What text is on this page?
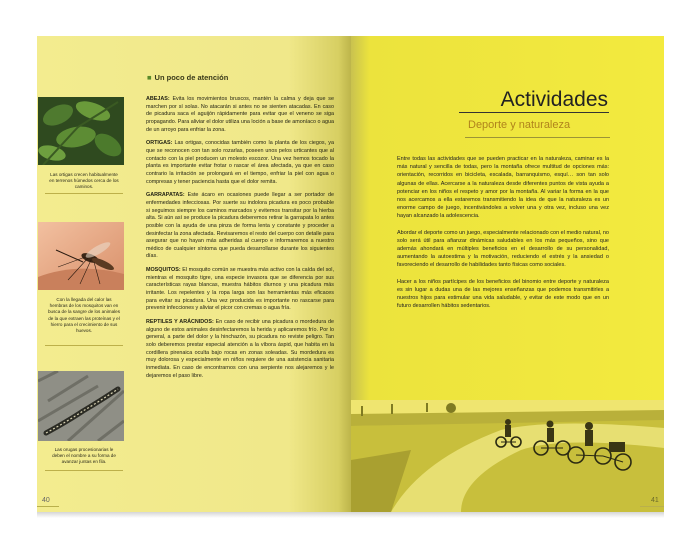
Las ortigas crecen habitualmente en terrenos húmedos cerca de los caminos.
Con la llegada del calor las hembras de los mosquitos van en busca de la sangre de los animales de la que extraen las proteínas y el hierro para el crecimiento de sus huevos.
Las orugas procesionarias le deben el nombre a su forma de avanzar juntas en fila.
■ Un poco de atención

ABEJAS: Evita los movimientos bruscos, mantén la calma y deja que se marchen por sí solas. No atacarán si antes no se sienten atacadas. En caso de picadura saca el aguijón rápidamente para evitar que el veneno se siga propagando. Para aliviar el dolor utiliza una loción a base de amoníaco o agua de un arroyo para enfriar la zona.

ORTIGAS: Las ortigas, conocidas también como la planta de los ciegos, ya que se reconocen con tan solo rozarlas, poseen unos pelos urticantes que al contacto con la piel producen un molesto escozor. Una vez hemos tocado la planta es importante evitar frotar o rascar el área afectada, ya que en caso contrario la irritación se prolongará en el tiempo, enfriar la piel con agua o compresas y tener paciencia hasta que el dolor remita.

GARRAPATAS: Este ácaro en ocasiones puede llegar a ser portador de enfermedades infecciosas. Por suerte su indolora picadura es poco probable si seguimos siempre los caminos marcados y evitemos transitar por la hierba alta. Si aún así se produce la picadura deberemos retirar la garrapata lo antes posible con la ayuda de una pinza de forma lenta y constante y proceder a desinfectar la zona afectada. Revisaremos el resto del cuerpo con detalle para asegurar que no hayan más adheridas al cuerpo e informaremos a nuestro médico de cualquier síntoma que pueda desarrollarse durante los siguientes días.

MOSQUITOS: El mosquito común se muestra más activo con la caída del sol, mientras el mosquito tigre, una especie invasora que se diferencia por sus características rayas blancas, muestra hábitos diurnos y una picadura más irritante. Los repelentes y la ropa larga son las herramientas más eficaces para evitar su picadura. Una vez producida es importante no rascarse para prevenir infecciones y aliviar el picor con cremas o agua fría.

REPTILES Y ARÁCNIDOS: En caso de recibir una picadura o mordedura de alguno de estos animales desinfectaremos la herida y aplicaremos frío. Por lo general, a parte del dolor y la hinchazón, su picadura no reviste peligro. Tan solo deberemos prestar especial atención a la víbora áspid, que habita en la cordillera pirenaica oculta bajo rocas en zonas soleadas. Su mordedura es muy dolorosa y especialmente en niños requiere de una asistencia sanitaria inmediata. En caso de encontrarnos con una serpiente nos alejaremos y le dejaremos el paso libre.

40
Actividades
Deporte y naturaleza

Entre todas las actividades que se pueden practicar en la naturaleza, caminar es la más natural y sencilla de todas, pero la montaña ofrece multitud de opciones más: orientación, recorridos en bicicleta, escalada, barranquismo, esquí… son tan solo algunas de ellas. Acercarse a la naturaleza desde diferentes puntos de vista ayuda a potenciar en los niños el respeto y amor por la montaña. Al variar la forma en la que nos acercamos a ella estaremos transmitiendo la idea de que la naturaleza es un enorme campo de juego, incentivándoles a volver una y otra vez, incluso una vez hayan alcanzado la adolescencia.

Abordar el deporte como un juego, especialmente relacionado con el medio natural, no solo será útil para afianzar dinámicas saludables en los más pequeños, sino que además ahondará en múltiples beneficios en el desarrollo de su personalidad, aumentando la autoestima y la motivación, reduciendo el estrés y la ansiedad o favoreciendo el desarrollo de habilidades tanto físicas como sociales.

Hacer a los niños partícipes de los beneficios del binomio entre deporte y naturaleza es sin lugar a dudas una de las mejores enseñanzas que podemos transmitirles a nuestros hijos para estimular una vida saludable, y evitar de este modo que en un futuro desarrollen hábitos sedentarios.

41
